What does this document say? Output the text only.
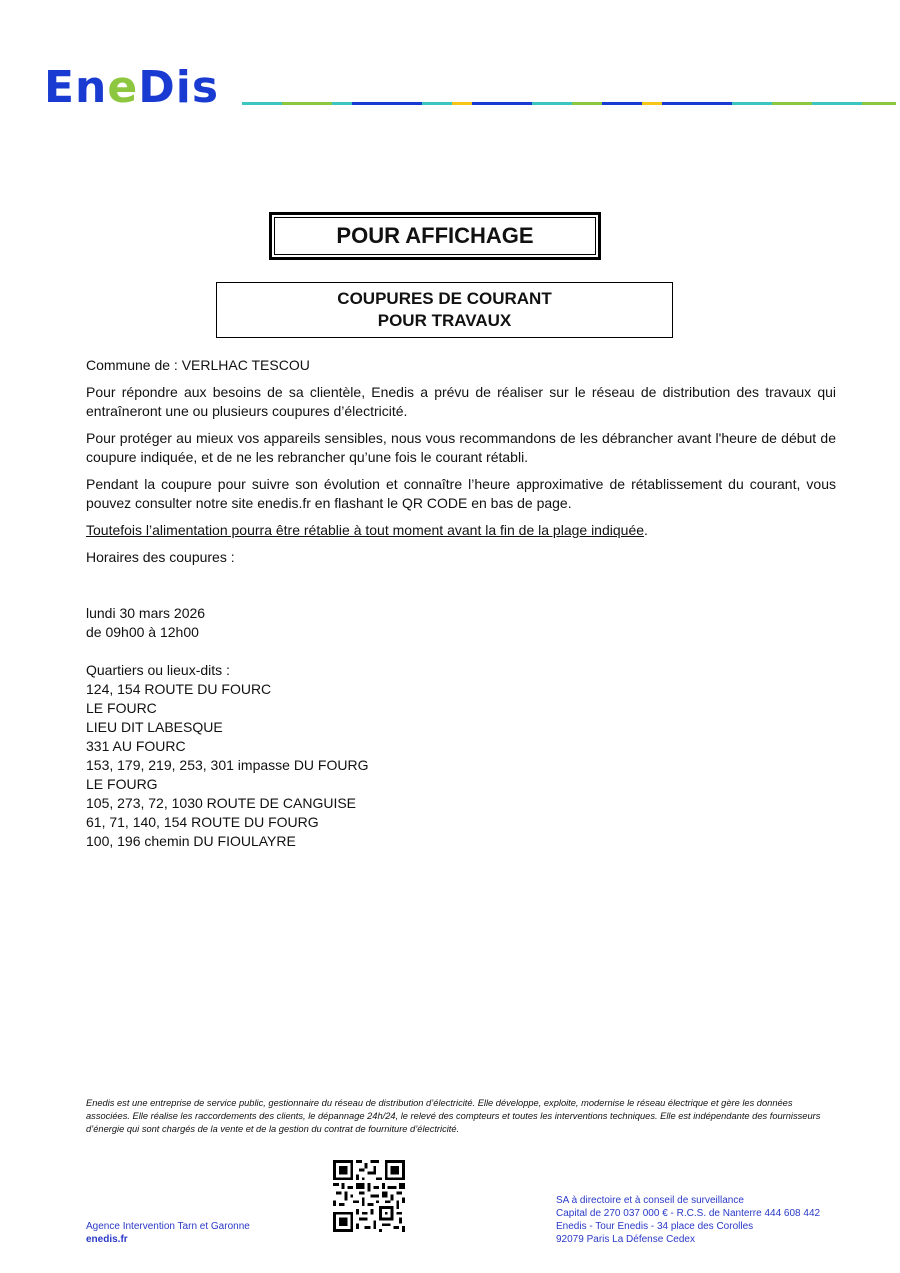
En e Dis
POUR AFFICHAGE
COUPURES DE COURANT
POUR TRAVAUX

Commune de : VERLHAC TESCOU

Pour répondre aux besoins de sa clientèle, Enedis a prévu de réaliser sur le réseau de distribution des travaux qui entraîneront une ou plusieurs coupures d’électricité.

Pour protéger au mieux vos appareils sensibles, nous vous recommandons de les débrancher avant l'heure de début de coupure indiquée, et de ne les rebrancher qu’une fois le courant rétabli.

Pendant la coupure pour suivre son évolution et connaître l’heure approximative de rétablissement du courant, vous pouvez consulter notre site enedis.fr en flashant le QR CODE en bas de page.

Toutefois l’alimentation pourra être rétablie à tout moment avant la fin de la plage indiquée.

Horaires des coupures :

lundi 30 mars 2026
de 09h00 à 12h00
Quartiers ou lieux-dits :
124, 154 ROUTE DU FOURC
LE FOURC
LIEU DIT LABESQUE
331 AU FOURC
153, 179, 219, 253, 301 impasse DU FOURG
LE FOURG
105, 273, 72, 1030 ROUTE DE CANGUISE
61, 71, 140, 154 ROUTE DU FOURG
100, 196 chemin DU FIOULAYRE
Enedis est une entreprise de service public, gestionnaire du réseau de distribution d’électricité. Elle développe, exploite, modernise le réseau électrique et gère les données associées. Elle réalise les raccordements des clients, le dépannage 24h/24, le relevé des compteurs et toutes les interventions techniques. Elle est indépendante des fournisseurs d’énergie qui sont chargés de la vente et de la gestion du contrat de fourniture d’électricité.
Agence Intervention Tarn et Garonne
enedis.fr
SA à directoire et à conseil de surveillance
Capital de 270 037 000 € - R.C.S. de Nanterre 444 608 442
Enedis - Tour Enedis - 34 place des Corolles
92079 Paris La Défense Cedex
